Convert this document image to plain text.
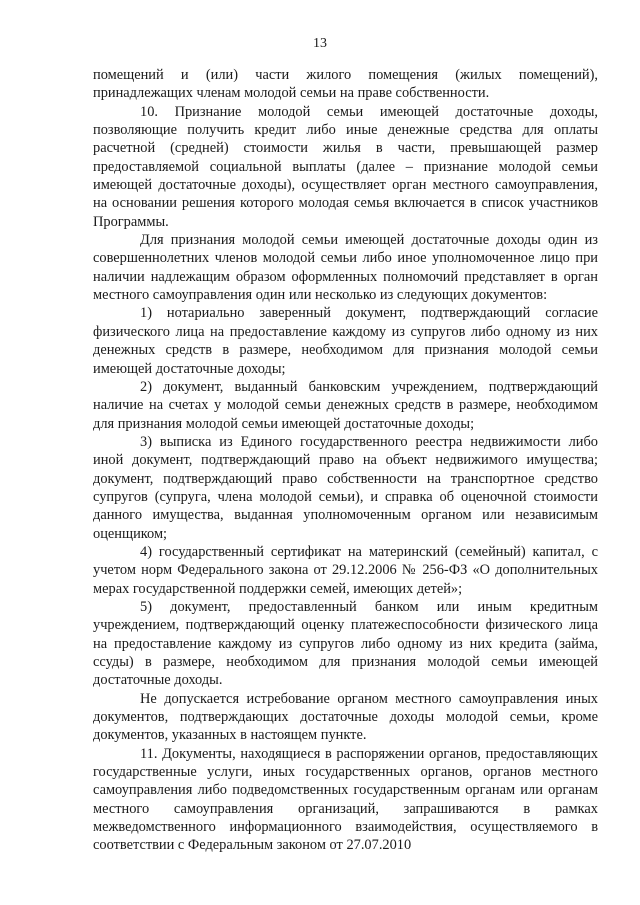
13

помещений и (или) части жилого помещения (жилых помещений), принадлежащих членам молодой семьи на праве собственности.

10. Признание молодой семьи имеющей достаточные доходы, позволяющие получить кредит либо иные денежные средства для оплаты расчетной (средней) стоимости жилья в части, превышающей размер предоставляемой социальной выплаты (далее – признание молодой семьи имеющей достаточные доходы), осуществляет орган местного самоуправления, на основании решения которого молодая семья включается в список участников Программы.

Для признания молодой семьи имеющей достаточные доходы один из совершеннолетних членов молодой семьи либо иное уполномоченное лицо при наличии надлежащим образом оформленных полномочий представляет в орган местного самоуправления один или несколько из следующих документов:

1) нотариально заверенный документ, подтверждающий согласие физического лица на предоставление каждому из супругов либо одному из них денежных средств в размере, необходимом для признания молодой семьи имеющей достаточные доходы;

2) документ, выданный банковским учреждением, подтверждающий наличие на счетах у молодой семьи денежных средств в размере, необходимом для признания молодой семьи имеющей достаточные доходы;

3) выписка из Единого государственного реестра недвижимости либо иной документ, подтверждающий право на объект недвижимого имущества; документ, подтверждающий право собственности на транспортное средство супругов (супруга, члена молодой семьи), и справка об оценочной стоимости данного имущества, выданная уполномоченным органом или независимым оценщиком;

4) государственный сертификат на материнский (семейный) капитал, с учетом норм Федерального закона от 29.12.2006 № 256-ФЗ «О дополнительных мерах государственной поддержки семей, имеющих детей»;

5) документ, предоставленный банком или иным кредитным учреждением, подтверждающий оценку платежеспособности физического лица на предоставление каждому из супругов либо одному из них кредита (займа, ссуды) в размере, необходимом для признания молодой семьи имеющей достаточные доходы.

Не допускается истребование органом местного самоуправления иных документов, подтверждающих достаточные доходы молодой семьи, кроме документов, указанных в настоящем пункте.

11. Документы, находящиеся в распоряжении органов, предоставляющих государственные услуги, иных государственных органов, органов местного самоуправления либо подведомственных государственным органам или органам местного самоуправления организаций, запрашиваются в рамках межведомственного информационного взаимодействия, осуществляемого в соответствии с Федеральным законом от 27.07.2010
